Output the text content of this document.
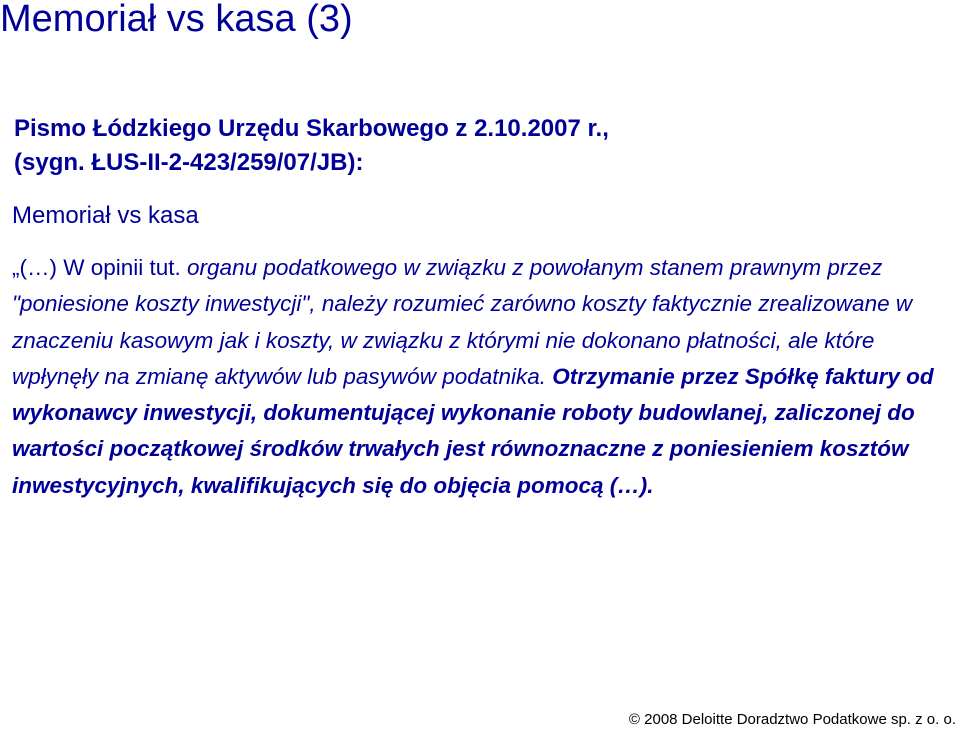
Memoriał vs kasa (3)

Pismo Łódzkiego Urzędu Skarbowego z 2.10.2007 r.,
(sygn. ŁUS-II-2-423/259/07/JB):

Memoriał vs kasa

„(…) W opinii tut. organu podatkowego w związku z powołanym stanem prawnym przez "poniesione koszty inwestycji", należy rozumieć zarówno koszty faktycznie zrealizowane w znaczeniu kasowym jak i koszty, w związku z którymi nie dokonano płatności, ale które wpłynęły na zmianę aktywów lub pasywów podatnika. Otrzymanie przez Spółkę faktury od wykonawcy inwestycji, dokumentującej wykonanie roboty budowlanej, zaliczonej do wartości początkowej środków trwałych jest równoznaczne z poniesieniem kosztów inwestycyjnych, kwalifikujących się do objęcia pomocą (…).

© 2008 Deloitte Doradztwo Podatkowe sp. z o. o.
